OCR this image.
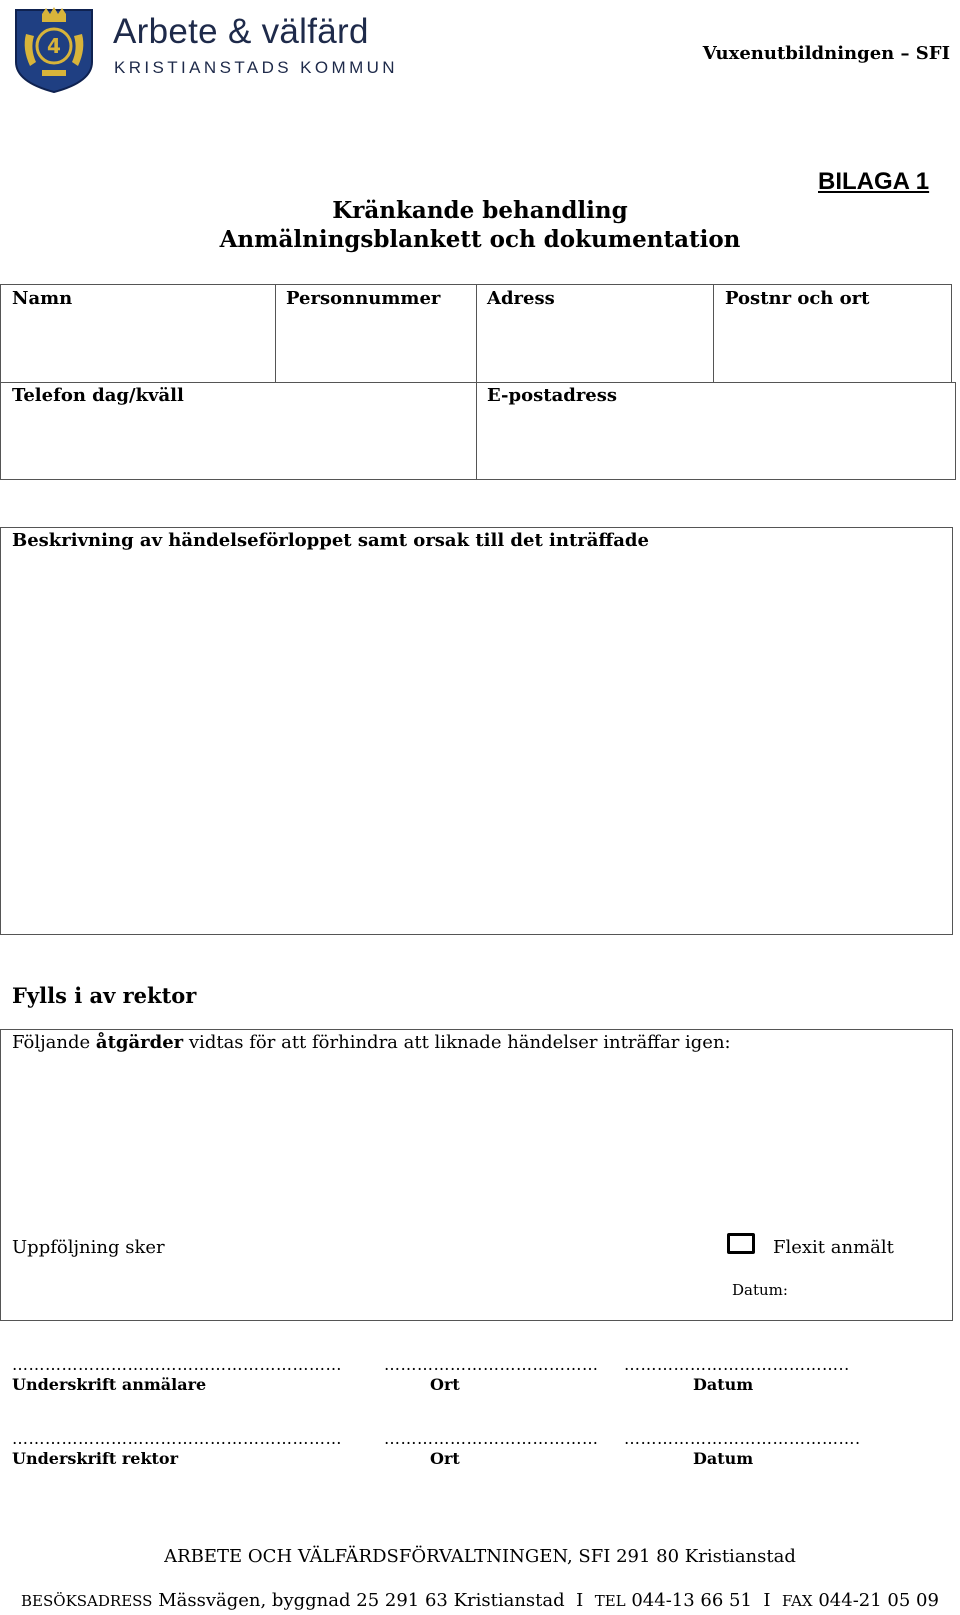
4 Arbete & välfärd
KRISTIANSTADS KOMMUN
Vuxenutbildningen – SFI
BILAGA 1
Kränkande behandling
Anmälningsblankett och dokumentation
Namn	Personnummer	Adress	Postnr och ort
Telefon dag/kväll	E-postadress
Beskrivning av händelseförloppet samt orsak till det inträffade
Fylls i av rektor
Följande åtgärder vidtas för att förhindra att liknade händelser inträffar igen:
Uppföljning sker	Flexit anmält
Datum:
……………………………………………………	………………………………… …………………………………..
Underskrift anmälare	Ort	Datum
……………………………………………………	………………………………… …………………………………….
Underskrift rektor	Ort	Datum
ARBETE OCH VÄLFÄRDSFÖRVALTNINGEN, SFI 291 80 Kristianstad
BESÖKSADRESS Mässvägen, byggnad 25 291 63 Kristianstad I TEL 044-13 66 51 I FAX 044-21 05 09
